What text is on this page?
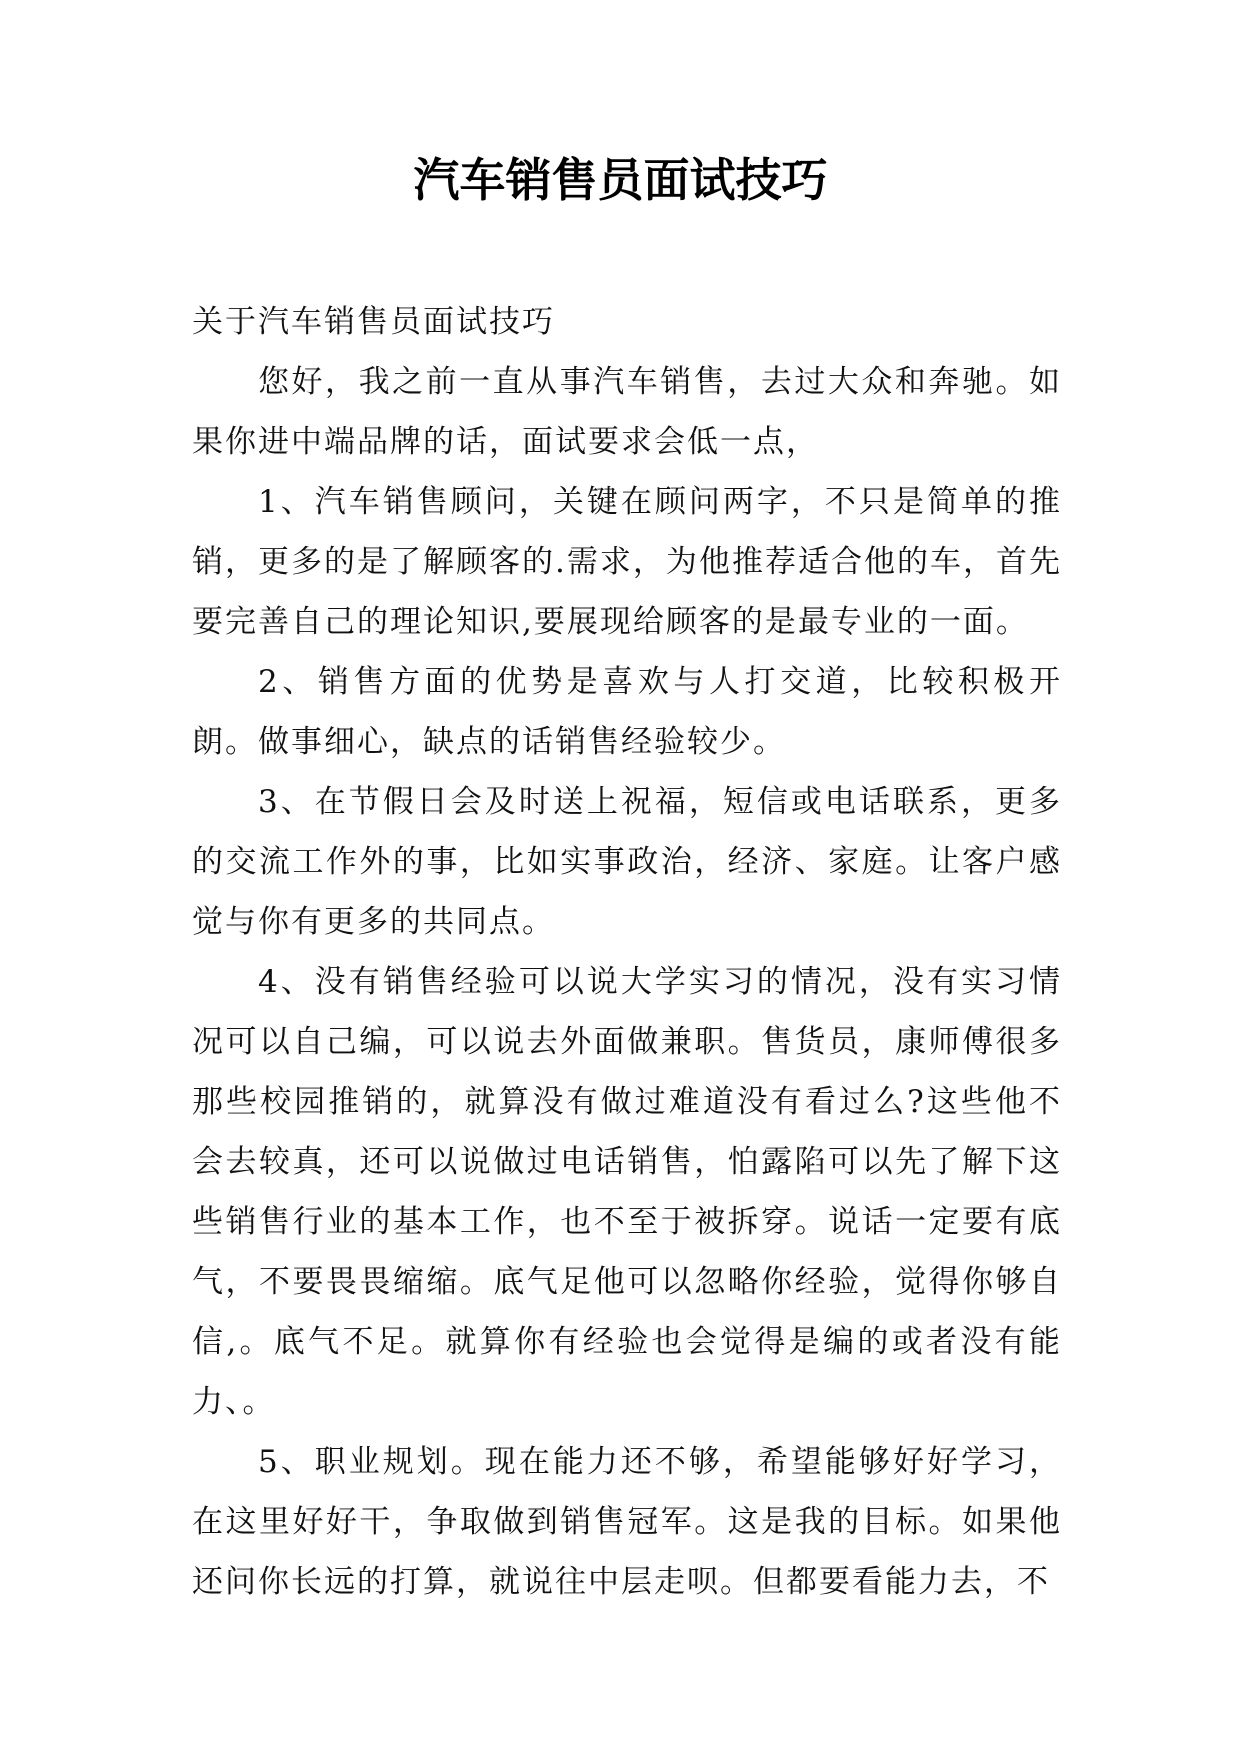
汽车销售员面试技巧

关于汽车销售员面试技巧

您好，我之前一直从事汽车销售，去过大众和奔驰。如果你进中端品牌的话，面试要求会低一点，

1、汽车销售顾问，关键在顾问两字，不只是简单的推销，更多的是了解顾客的.需求，为他推荐适合他的车，首先要完善自己的理论知识,要展现给顾客的是最专业的一面。

2、销售方面的优势是喜欢与人打交道，比较积极开朗。做事细心，缺点的话销售经验较少。

3、在节假日会及时送上祝福，短信或电话联系，更多的交流工作外的事，比如实事政治，经济、家庭。让客户感觉与你有更多的共同点。

4、没有销售经验可以说大学实习的情况，没有实习情况可以自己编，可以说去外面做兼职。售货员，康师傅很多那些校园推销的，就算没有做过难道没有看过么?这些他不会去较真，还可以说做过电话销售，怕露陷可以先了解下这些销售行业的基本工作，也不至于被拆穿。说话一定要有底气，不要畏畏缩缩。底气足他可以忽略你经验，觉得你够自信,。底气不足。就算你有经验也会觉得是编的或者没有能力、。

5、职业规划。现在能力还不够，希望能够好好学习，在这里好好干，争取做到销售冠军。这是我的目标。如果他还问你长远的打算，就说往中层走呗。但都要看能力去，不
